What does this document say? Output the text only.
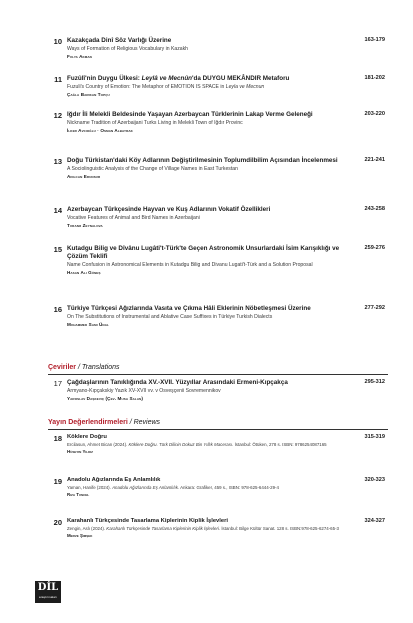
10	163-179
Kazakçada Dinî Söz Varlığı Üzerine
Ways of Formation of Religious Vocabulary in Kazakh
Fulya Akman
11	181-202
Fuzûlî'nin Duygu Ülkesi: Leylâ ve Mecnûn'da DUYGU MEKÂNDIR Metaforu
Fuzuli's Country of Emotion: The Metaphor of EMOTION IS SPACE in Leyla ve Mecnun
Çağla Barikan Topçu
12	203-220
Iğdır İli Melekli Beldesinde Yaşayan Azerbaycan Türklerinin Lakap Verme Geleneği
Nickname Tradition of Azerbaijani Turks Living in Melekli Town of Iğdır Provinc
İlker Avcıoğlu · Osman Albayrak
13	221-241
Doğu Türkistan'daki Köy Adlarının Değiştirilmesinin Toplumdilbilim Açısından İncelenmesi
A Sociolinguistic Analysis of the Change of Village Names in East Turkestan
Adilcan Erunsur
14	243-258
Azerbaycan Türkçesinde Hayvan ve Kuş Adlarının Vokatif Özellikleri
Vocative Features of Animal and Bird Names in Azerbaijani
Turanə Zeynalova
15	259-276
Kutadgu Bilig ve Dîvânu Lugâti't-Türk'te Geçen Astronomik Unsurlardaki İsim Karışıklığı ve Çözüm Teklifi
Name Confusion in Astronomical Elements in Kutadgu Bilig and Divanu Lugati't-Türk and a Solution Proposal
Hasan Ali Güneş
16	277-292
Türkiye Türkçesi Ağızlarında Vasıta ve Çıkma Hâli Eklerinin Nöbetleşmesi Üzerine
On The Substitutions of Instrumental and Ablative Case Suffixes in Türkiye Turkish Dialects
Muhammed Sami Ünal
Çeviriler / Translations
17	295-312
Çağdaşlarının Tanıklığında XV.-XVII. Yüzyıllar Arasındaki Ermeni-Kıpçakça
Armyano-Kıpçakskiy Yazık XV-XVII vv. v Osveşçenii Sovremennikov
Yaroslav Daşkeviç (Çev. Musa Salan)
Yayın Değerlendirmeleri / Reviews
18	315-319
Köklere Doğru
Ercilasun, Ahmet Bican (2024). Köklere Doğru. Türk Dilinin Dokuz Bin Yıllık Macerası. İstanbul: Ötüken, 278 s. ISBN: 9786254087165
Hüseyin Yıldız
19	320-323
Anadolu Ağızlarında Eş Anlamlılık
Yaman, Hanife (2024). Anadolu Ağızlarında Eş Anlamlılık. Ankara: Grafiker, 459 s., ISBN: 978-625-6444-29-4
Rıza Tuncel
20	324-327
Karahanlı Türkçesinde Tasarlama Kiplerinin Kiplik İşlevleri
Zengin, Aslı (2024). Karahanlı Türkçesinde Tasarlama Kiplerinin Kiplik İşlevleri. İstanbul: Bilge Kültür Sanat. 128 s. ISBN:978-625-6274-65-3
Merve Şimşek
DİL
araştırmaları
